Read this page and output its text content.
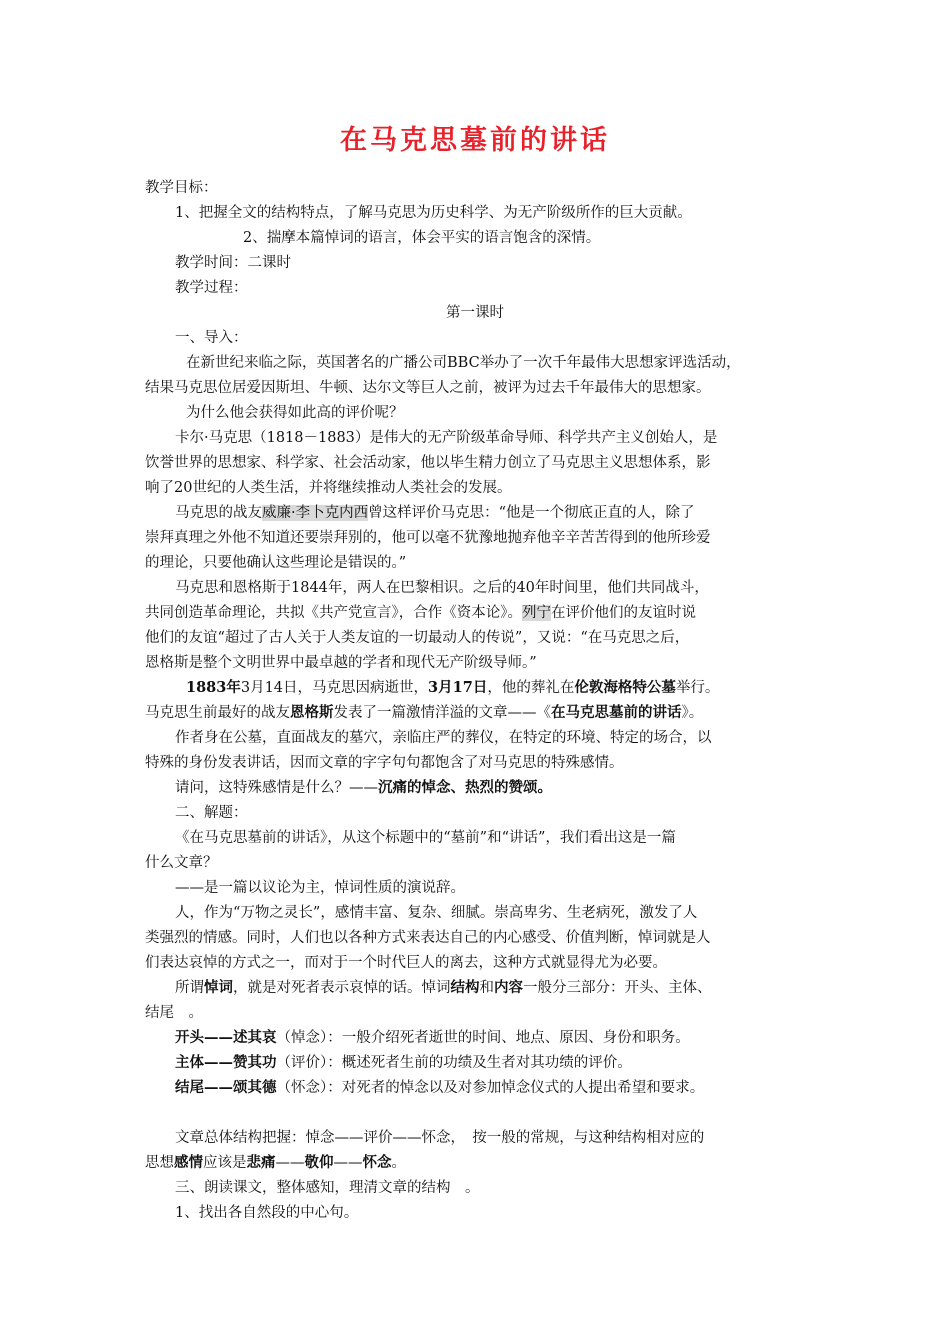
在马克思墓前的讲话

教学目标：

1、把握全文的结构特点，了解马克思为历史科学、为无产阶级所作的巨大贡献。

2、揣摩本篇悼词的语言，体会平实的语言饱含的深情。

教学时间：二课时

教学过程：

第一课时

一、导入：

在新世纪来临之际，英国著名的广播公司BBC举办了一次千年最伟大思想家评选活动，

结果马克思位居爱因斯坦、牛顿、达尔文等巨人之前，被评为过去千年最伟大的思想家。

为什么他会获得如此高的评价呢？

卡尔·马克思（1818－1883）是伟大的无产阶级革命导师、科学共产主义创始人，是

饮誉世界的思想家、科学家、社会活动家，他以毕生精力创立了马克思主义思想体系，影

响了20世纪的人类生活，并将继续推动人类社会的发展。

马克思的战友威廉·李卜克内西曾这样评价马克思：“他是一个彻底正直的人，除了

崇拜真理之外他不知道还要崇拜别的，他可以毫不犹豫地抛弃他辛辛苦苦得到的他所珍爱

的理论，只要他确认这些理论是错误的。”

马克思和恩格斯于1844年，两人在巴黎相识。之后的40年时间里，他们共同战斗，

共同创造革命理论，共拟《共产党宣言》，合作《资本论》。列宁在评价他们的友谊时说

他们的友谊“超过了古人关于人类友谊的一切最动人的传说”，又说：“在马克思之后，

恩格斯是整个文明世界中最卓越的学者和现代无产阶级导师。”

1883年3月14日，马克思因病逝世，3月17日，他的葬礼在伦敦海格特公墓举行。

马克思生前最好的战友恩格斯发表了一篇激情洋溢的文章——《在马克思墓前的讲话》。

作者身在公墓，直面战友的墓穴，亲临庄严的葬仪，在特定的环境、特定的场合，以

特殊的身份发表讲话，因而文章的字字句句都饱含了对马克思的特殊感情。

请问，这特殊感情是什么？——沉痛的悼念、热烈的赞颂。

二、解题：

《在马克思墓前的讲话》，从这个标题中的“墓前”和“讲话”，我们看出这是一篇

什么文章？

——是一篇以议论为主，悼词性质的演说辞。

人，作为“万物之灵长”，感情丰富、复杂、细腻。崇高卑劣、生老病死，激发了人

类强烈的情感。同时，人们也以各种方式来表达自己的内心感受、价值判断，悼词就是人

们表达哀悼的方式之一，而对于一个时代巨人的离去，这种方式就显得尤为必要。

所谓悼词，就是对死者表示哀悼的话。悼词结构和内容一般分三部分：开头、主体、

结尾　。

开头——述其哀（悼念）：一般介绍死者逝世的时间、地点、原因、身份和职务。

主体——赞其功（评价）：概述死者生前的功绩及生者对其功绩的评价。

结尾——颂其德（怀念）：对死者的悼念以及对参加悼念仪式的人提出希望和要求。

文章总体结构把握：悼念——评价——怀念，　按一般的常规，与这种结构相对应的

思想感情应该是悲痛——敬仰——怀念。

三、朗读课文，整体感知，理清文章的结构　。

1、找出各自然段的中心句。
